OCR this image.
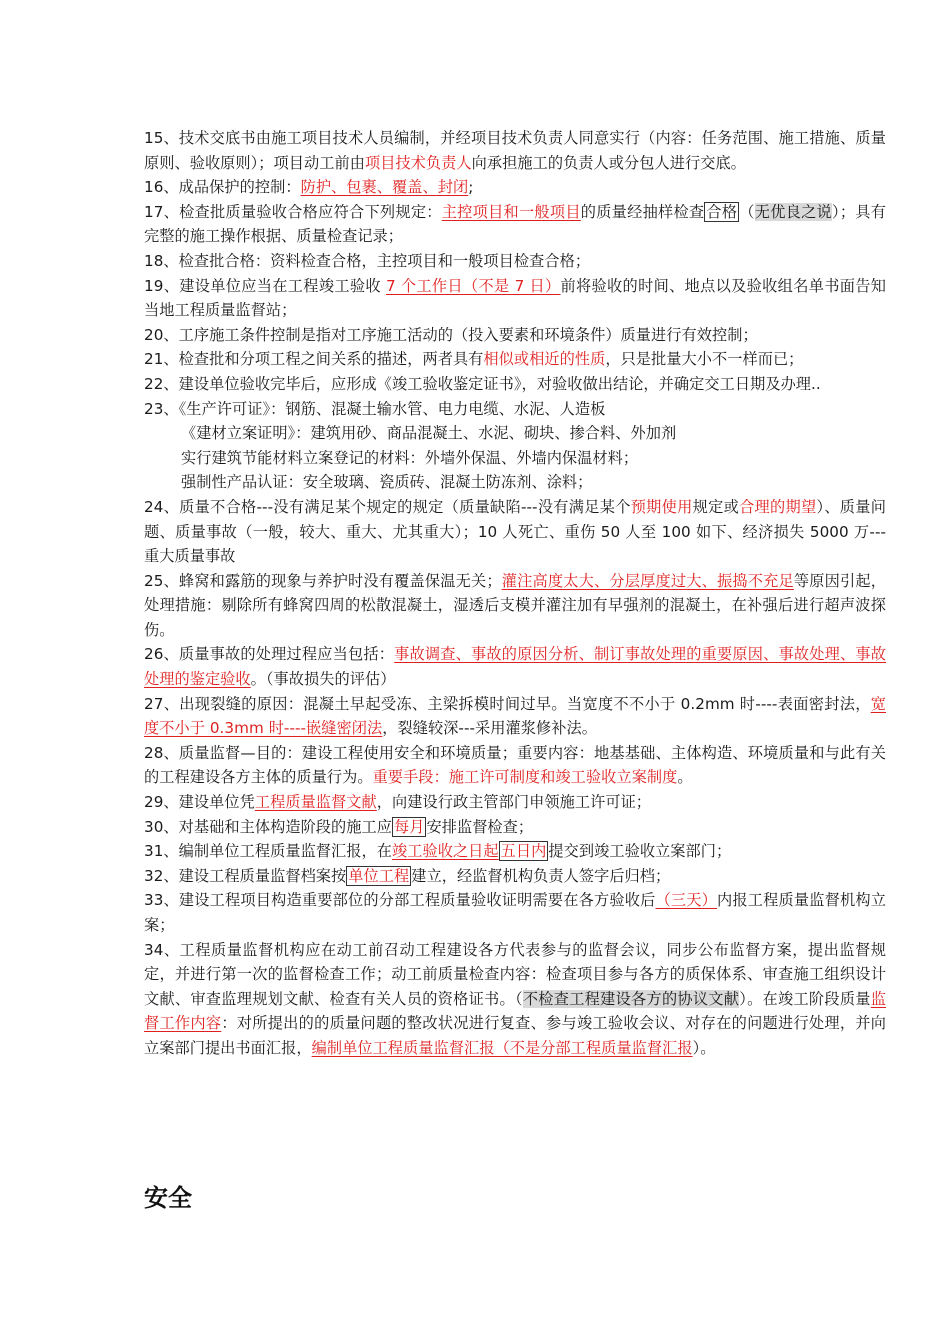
15、技术交底书由施工项目技术人员编制，并经项目技术负责人同意实行（内容：任务范围、施工措施、质量原则、验收原则）；项目动工前由项目技术负责人向承担施工的负责人或分包人进行交底。

16、成品保护的控制：防护、包裹、覆盖、封闭;

17、检查批质量验收合格应符合下列规定：主控项目和一般项目的质量经抽样检查 合格 （无优良之说）；具有完整的施工操作根据、质量检查记录；

18、检查批合格：资料检查合格，主控项目和一般项目检查合格；

19、建设单位应当在工程竣工验收 7 个工作日（不是 7 日）前将验收的时间、地点以及验收组名单书面告知当地工程质量监督站；

20、工序施工条件控制是指对工序施工活动的（投入要素和环境条件）质量进行有效控制；

21、检查批和分项工程之间关系的描述，两者具有相似或相近的性质，只是批量大小不一样而已；

22、建设单位验收完毕后，应形成《竣工验收鉴定证书》，对验收做出结论，并确定交工日期及办理..

23、《生产许可证》：钢筋、混凝土输水管、电力电缆、水泥、人造板

《建材立案证明》：建筑用砂、商品混凝土、水泥、砌块、掺合料、外加剂

实行建筑节能材料立案登记的材料：外墙外保温、外墙内保温材料；

强制性产品认证：安全玻璃、瓷质砖、混凝土防冻剂、涂料；

24、质量不合格---没有满足某个规定的规定（质量缺陷---没有满足某个预期使用规定或合理的期望）、质量问题、质量事故（一般，较大、重大、尤其重大）；10 人死亡、重伤 50 人至 100 如下、经济损失 5000 万---重大质量事故

25、蜂窝和露筋的现象与养护时没有覆盖保温无关；灌注高度太大、分层厚度过大、振捣不充足等原因引起，处理措施：剔除所有蜂窝四周的松散混凝土，湿透后支模并灌注加有早强剂的混凝土，在补强后进行超声波探伤。

26、质量事故的处理过程应当包括：事故调查、事故的原因分析、制订事故处理的重要原因、事故处理、事故处理的鉴定验收。（事故损失的评估）

27、出现裂缝的原因：混凝土早起受冻、主梁拆模时间过早。当宽度不不小于 0.2mm 时----表面密封法，宽度不小于 0.3mm 时----嵌缝密闭法，裂缝较深---采用灌浆修补法。

28、质量监督—目的：建设工程使用安全和环境质量；重要内容：地基基础、主体构造、环境质量和与此有关的工程建设各方主体的质量行为。重要手段：施工许可制度和竣工验收立案制度。

29、建设单位凭工程质量监督文献，向建设行政主管部门申领施工许可证；

30、对基础和主体构造阶段的施工应 每月 安排监督检查；

31、编制单位工程质量监督汇报，在竣工验收之日起 五日内 提交到竣工验收立案部门；

32、建设工程质量监督档案按 单位工程 建立，经监督机构负责人签字后归档；

33、建设工程项目构造重要部位的分部工程质量验收证明需要在各方验收后（三天）内报工程质量监督机构立案；

34、工程质量监督机构应在动工前召动工程建设各方代表参与的监督会议，同步公布监督方案，提出监督规定，并进行第一次的监督检查工作；动工前质量检查内容：检查项目参与各方的质保体系、审查施工组织设计文献、审查监理规划文献、检查有关人员的资格证书。（不检查工程建设各方的协议文献）。在竣工阶段质量监督工作内容：对所提出的的质量问题的整改状况进行复查、参与竣工验收会议、对存在的问题进行处理，并向立案部门提出书面汇报，编制单位工程质量监督汇报（不是分部工程质量监督汇报）。

安全
